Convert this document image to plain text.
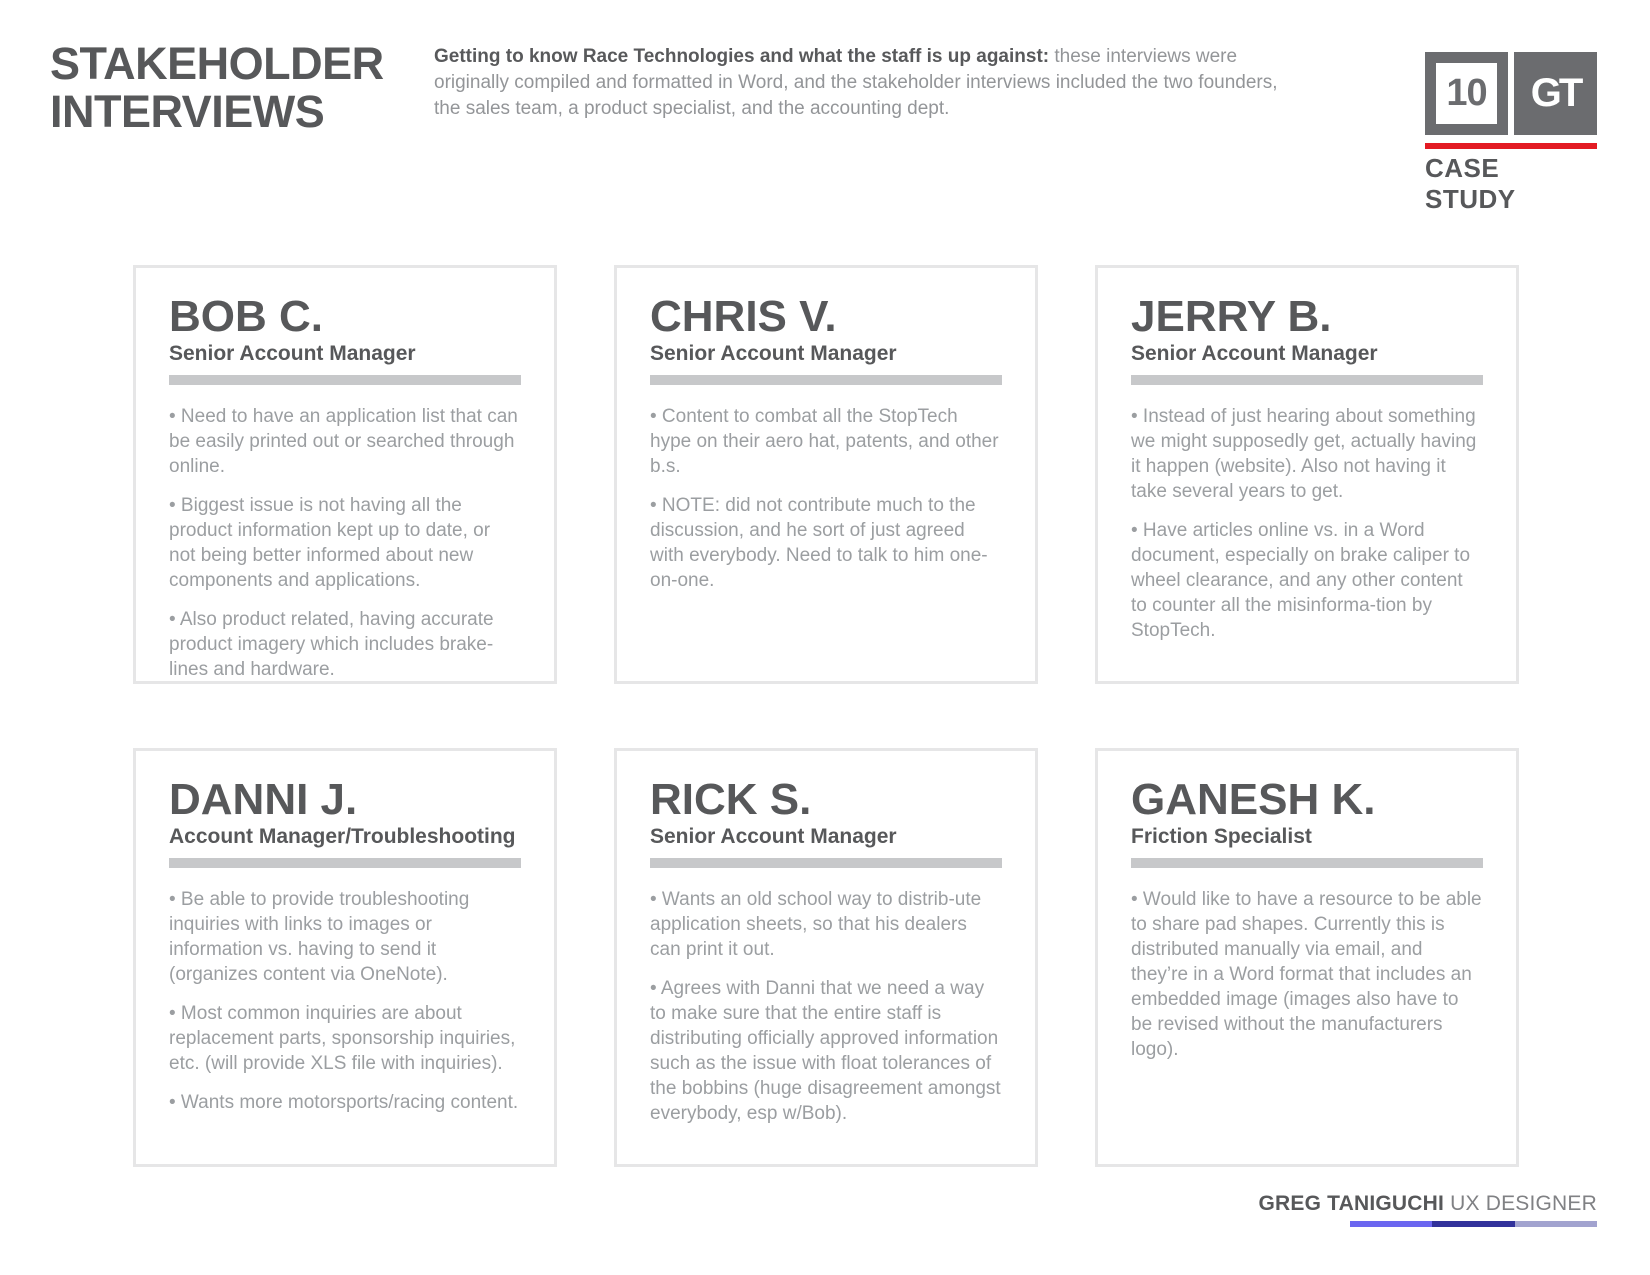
STAKEHOLDER INTERVIEWS

Getting to know Race Technologies and what the staff is up against: these interviews were originally compiled and formatted in Word, and the stakeholder interviews included the two founders, the sales team, a product specialist, and the accounting dept.	10 GT
CASE STUDY
BOB C.
Senior Account Manager

• Need to have an application list that can be easily printed out or searched through online.

• Biggest issue is not having all the product information kept up to date, or not being better informed about new components and applications.

• Also product related, having accurate product imagery which includes brake-lines and hardware.

CHRIS V.
Senior Account Manager

• Content to combat all the StopTech hype on their aero hat, patents, and other b.s.

• NOTE: did not contribute much to the discussion, and he sort of just agreed with everybody. Need to talk to him one-on-one.

JERRY B.
Senior Account Manager

• Instead of just hearing about something we might supposedly get, actually having it happen (website). Also not having it take several years to get.

• Have articles online vs. in a Word document, especially on brake caliper to wheel clearance, and any other content to counter all the misinforma-tion by StopTech.

DANNI J.
Account Manager/Troubleshooting

• Be able to provide troubleshooting inquiries with links to images or information vs. having to send it (organizes content via OneNote).

• Most common inquiries are about replacement parts, sponsorship inquiries, etc. (will provide XLS file with inquiries).

• Wants more motorsports/racing content.

RICK S.
Senior Account Manager

• Wants an old school way to distrib-ute application sheets, so that his dealers can print it out.

• Agrees with Danni that we need a way to make sure that the entire staff is distributing officially approved information such as the issue with float tolerances of the bobbins (huge disagreement amongst everybody, esp w/Bob).

GANESH K.
Friction Specialist

• Would like to have a resource to be able to share pad shapes. Currently this is distributed manually via email, and they’re in a Word format that includes an embedded image (images also have to be revised without the manufacturers logo).

GREG TANIGUCHI UX DESIGNER
